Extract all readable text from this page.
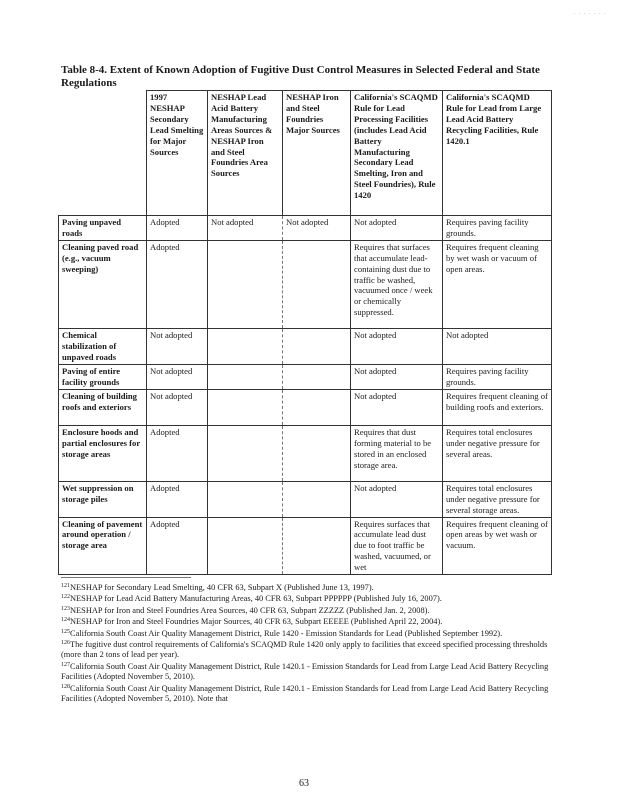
. . . . . . .
Table 8-4. Extent of Known Adoption of Fugitive Dust Control Measures in Selected Federal and State Regulations
	1997 NESHAP Secondary Lead Smelting for Major Sources	NESHAP Lead Acid Battery Manufacturing Areas Sources & NESHAP Iron and Steel Foundries Area Sources	NESHAP Iron and Steel Foundries Major Sources	California's SCAQMD Rule for Lead Processing Facilities (includes Lead Acid Battery Manufacturing Secondary Lead Smelting, Iron and Steel Foundries), Rule 1420	California's SCAQMD Rule for Lead from Large Lead Acid Battery Recycling Facilities, Rule 1420.1
Paving unpaved roads	Adopted	Not adopted	Not adopted	Not adopted	Requires paving facility grounds.
Cleaning paved road (e.g., vacuum sweeping)	Adopted			Requires that surfaces that accumulate lead-containing dust due to traffic be washed, vacuumed once / week or chemically suppressed.	Requires frequent cleaning by wet wash or vacuum of open areas.
Chemical stabilization of unpaved roads	Not adopted			Not adopted	Not adopted
Paving of entire facility grounds	Not adopted			Not adopted	Requires paving facility grounds.
Cleaning of building roofs and exteriors	Not adopted			Not adopted	Requires frequent cleaning of building roofs and exteriors.
Enclosure hoods and partial enclosures for storage areas	Adopted			Requires that dust forming material to be stored in an enclosed storage area.	Requires total enclosures under negative pressure for several areas.
Wet suppression on storage piles	Adopted			Not adopted	Requires total enclosures under negative pressure for several storage areas.
Cleaning of pavement around operation / storage area	Adopted			Requires surfaces that accumulate lead dust due to foot traffic be washed, vacuumed, or wet	Requires frequent cleaning of open areas by wet wash or vacuum.

$^{121}$NESHAP for Secondary Lead Smelting, 40 CFR 63, Subpart X (Published June 13, 1997).

$^{122}$NESHAP for Lead Acid Battery Manufacturing Areas, 40 CFR 63, Subpart PPPPPP (Published July 16, 2007).

$^{123}$NESHAP for Iron and Steel Foundries Area Sources, 40 CFR 63, Subpart ZZZZZ (Published Jan. 2, 2008).

$^{124}$NESHAP for Iron and Steel Foundries Major Sources, 40 CFR 63, Subpart EEEEE (Published April 22, 2004).

$^{125}$California South Coast Air Quality Management District, Rule 1420 - Emission Standards for Lead (Published September 1992).

$^{126}$The fugitive dust control requirements of California's SCAQMD Rule 1420 only apply to facilities that exceed specified processing thresholds (more than 2 tons of lead per year).

$^{127}$California South Coast Air Quality Management District, Rule 1420.1 - Emission Standards for Lead from Large Lead Acid Battery Recycling Facilities (Adopted November 5, 2010).

$^{128}$California South Coast Air Quality Management District, Rule 1420.1 - Emission Standards for Lead from Large Lead Acid Battery Recycling Facilities (Adopted November 5, 2010). Note that

63
